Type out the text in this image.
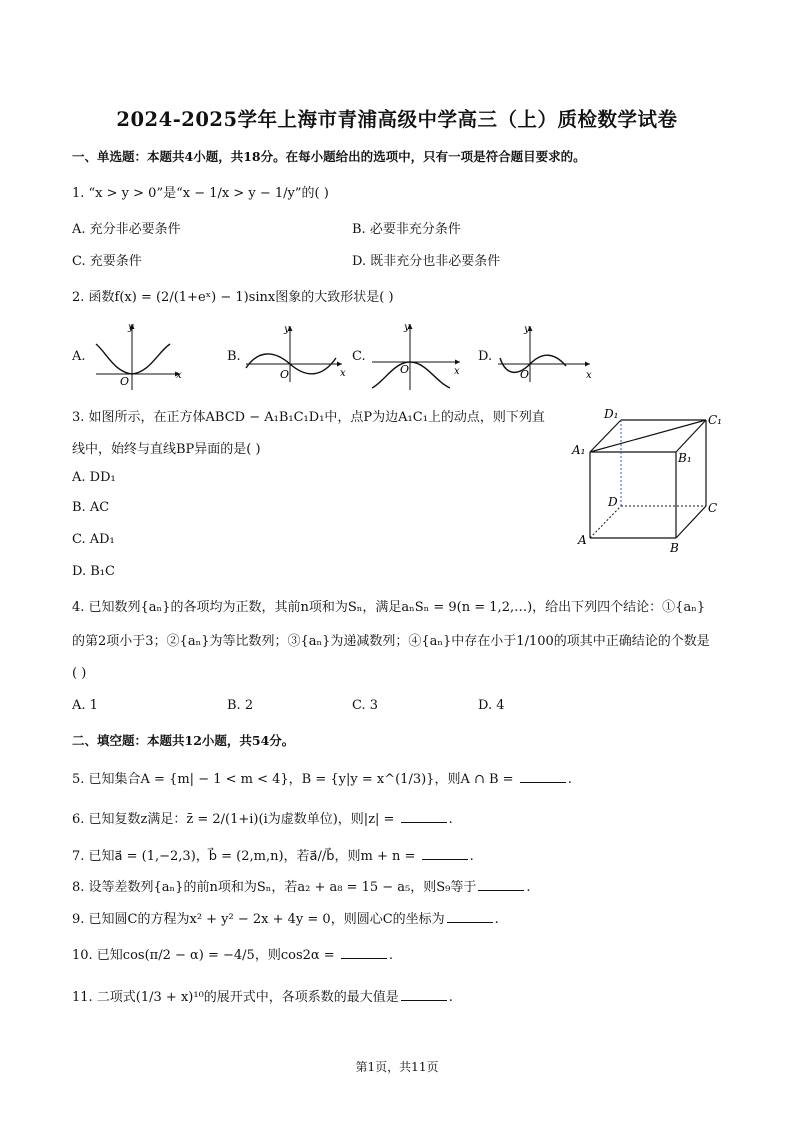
2024-2025学年上海市青浦高级中学高三（上）质检数学试卷
一、单选题：本题共4小题，共18分。在每小题给出的选项中，只有一项是符合题目要求的。
1. “x > y > 0”是“x − 1/x > y − 1/y”的( )
A. 充分非必要条件	B. 必要非充分条件
C. 充要条件	D. 既非充分也非必要条件
2. 函数f(x) = (2/(1+eˣ) − 1)sinx图象的大致形状是( )
A.
y
x
O
B.
y
x
O
C.
y
x
O
D.
y
x
O
3. 如图所示，在正方体ABCD − A₁B₁C₁D₁中，点P为边A₁C₁上的动点，则下列直
线中，始终与直线BP异面的是( )
A. DD₁
B. AC
C. AD₁
D. B₁C
D₁	C₁
A₁
B₁
D	C
A
B
4. 已知数列{aₙ}的各项均为正数，其前n项和为Sₙ，满足aₙSₙ = 9(n = 1,2,…)，给出下列四个结论：①{aₙ}
的第2项小于3；②{aₙ}为等比数列；③{aₙ}为递减数列；④{aₙ}中存在小于1/100的项其中正确结论的个数是
( )
A. 1	B. 2	C. 3	D. 4
二、填空题：本题共12小题，共54分。
5. 已知集合A = {m| − 1 < m < 4}，B = {y|y = x^(1/3)}，则A ∩ B =	.
6. 已知复数z满足：z̄ = 2/(1+i)(i为虚数单位)，则|z| =	.
7. 已知a⃗ = (1,−2,3)，b⃗ = (2,m,n)，若a⃗//b⃗，则m + n =	.
8. 设等差数列{aₙ}的前n项和为Sₙ，若a₂ + a₈ = 15 − a₅，则S₉等于	.
9. 已知圆C的方程为x² + y² − 2x + 4y = 0，则圆心C的坐标为	.
10. 已知cos(π/2 − α) = −4/5，则cos2α =	.
11. 二项式(1/3 + x)¹⁰的展开式中，各项系数的最大值是	.
第1页，共11页
